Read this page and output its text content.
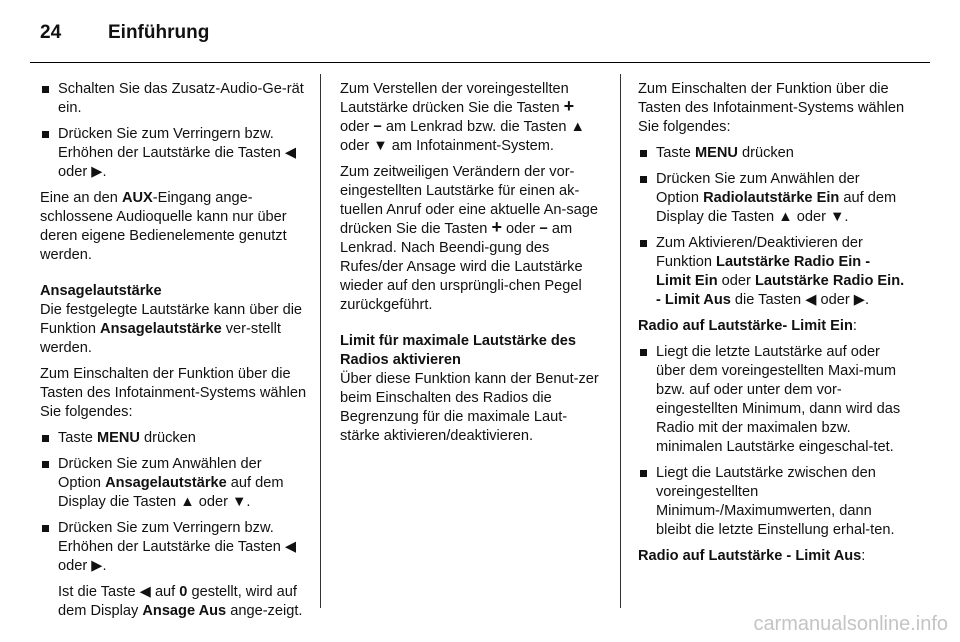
24 Einführung
Schalten Sie das Zusatz-Audio-Ge-rät ein.
Drücken Sie zum Verringern bzw. Erhöhen der Lautstärke die Tasten ◀ oder ▶.

Eine an den AUX-Eingang ange-schlossene Audioquelle kann nur über deren eigene Bedienelemente genutzt werden.

Ansagelautstärke

Die festgelegte Lautstärke kann über die Funktion Ansagelautstärke ver-stellt werden.

Zum Einschalten der Funktion über die Tasten des Infotainment-Systems wählen Sie folgendes:

Taste MENU drücken
Drücken Sie zum Anwählen der Option Ansagelautstärke auf dem Display die Tasten ▲ oder ▼.
Drücken Sie zum Verringern bzw. Erhöhen der Lautstärke die Tasten ◀ oder ▶.

Ist die Taste ◀ auf 0 gestellt, wird auf dem Display Ansage Aus ange-zeigt.

Zum Verstellen der voreingestellten Lautstärke drücken Sie die Tasten + oder − am Lenkrad bzw. die Tasten ▲ oder ▼ am Infotainment-System.

Zum zeitweiligen Verändern der vor-eingestellten Lautstärke für einen ak-tuellen Anruf oder eine aktuelle An-sage drücken Sie die Tasten + oder − am Lenkrad. Nach Beendi-gung des Rufes/der Ansage wird die Lautstärke wieder auf den ursprüngli-chen Pegel zurückgeführt.

Limit für maximale Lautstärke des Radios aktivieren

Über diese Funktion kann der Benut-zer beim Einschalten des Radios die Begrenzung für die maximale Laut-stärke aktivieren/deaktivieren.

Zum Einschalten der Funktion über die Tasten des Infotainment-Systems wählen Sie folgendes:

Taste MENU drücken
Drücken Sie zum Anwählen der Option Radiolautstärke Ein auf dem Display die Tasten ▲ oder ▼.
Zum Aktivieren/Deaktivieren der Funktion Lautstärke Radio Ein - Limit Ein oder Lautstärke Radio Ein. - Limit Aus die Tasten ◀ oder ▶.

Radio auf Lautstärke- Limit Ein:

Liegt die letzte Lautstärke auf oder über dem voreingestellten Maxi-mum bzw. auf oder unter dem vor-eingestellten Minimum, dann wird das Radio mit der maximalen bzw. minimalen Lautstärke eingeschal-tet.
Liegt die Lautstärke zwischen den voreingestellten Minimum-/Maximumwerten, dann bleibt die letzte Einstellung erhal-ten.

Radio auf Lautstärke - Limit Aus:

carmanualsonline.info
